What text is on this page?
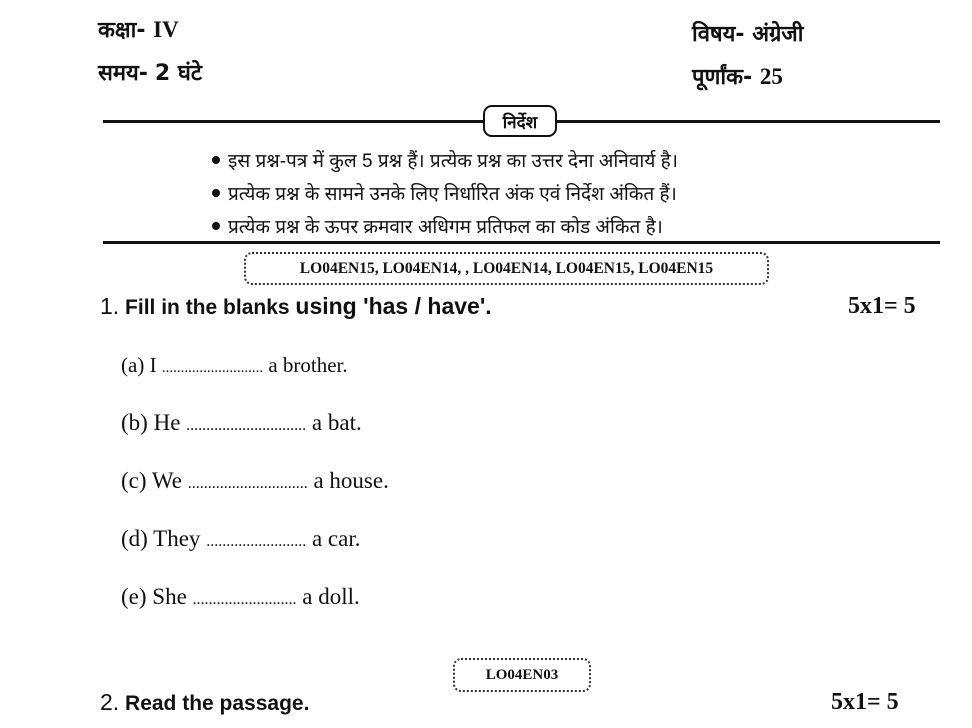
कक्षा- IV
समय- 2 घंटे
विषय- अंग्रेजी
पूर्णांक- 25
निर्देश
इस प्रश्न-पत्र में कुल 5 प्रश्न हैं। प्रत्येक प्रश्न का उत्तर देना अनिवार्य है।
प्रत्येक प्रश्न के सामने उनके लिए निर्धारित अंक एवं निर्देश अंकित हैं।
प्रत्येक प्रश्न के ऊपर क्रमवार अधिगम प्रतिफल का कोड अंकित है।
LO04EN15, LO04EN14, , LO04EN14, LO04EN15, LO04EN15
1. Fill in the blanks using 'has / have'.	5x1= 5
(a) I ........................... a brother.
(b) He .............................. a bat.
(c) We .............................. a house.
(d) They ......................... a car.
(e) She .......................... a doll.
LO04EN03
2. Read the passage.	5x1= 5
